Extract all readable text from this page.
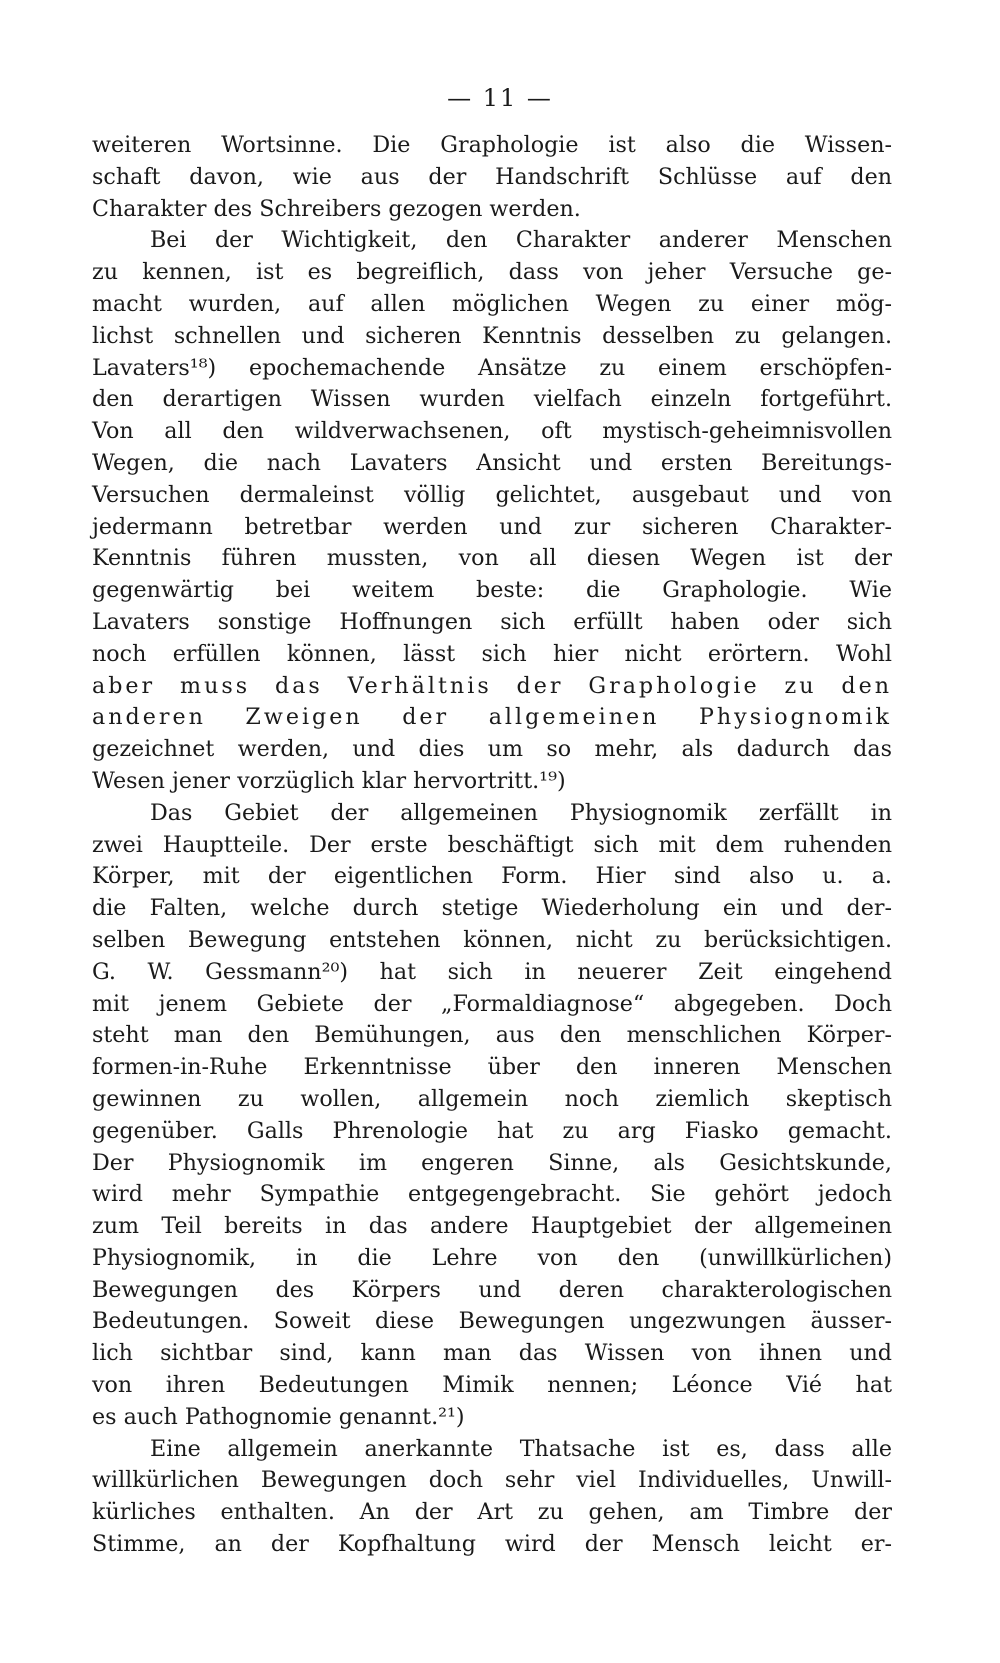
— 11 —
weiteren Wortsinne. Die Graphologie ist also die Wissen-
schaft davon, wie aus der Handschrift Schlüsse auf den
Charakter des Schreibers gezogen werden.
Bei der Wichtigkeit, den Charakter anderer Menschen
zu kennen, ist es begreiflich, dass von jeher Versuche ge-
macht wurden, auf allen möglichen Wegen zu einer mög-
lichst schnellen und sicheren Kenntnis desselben zu gelangen.
Lavaters¹⁸) epochemachende Ansätze zu einem erschöpfen-
den derartigen Wissen wurden vielfach einzeln fortgeführt.
Von all den wildverwachsenen, oft mystisch-geheimnisvollen
Wegen, die nach Lavaters Ansicht und ersten Bereitungs-
Versuchen dermaleinst völlig gelichtet, ausgebaut und von
jedermann betretbar werden und zur sicheren Charakter-
Kenntnis führen mussten, von all diesen Wegen ist der
gegenwärtig bei weitem beste: die Graphologie. Wie
Lavaters sonstige Hoffnungen sich erfüllt haben oder sich
noch erfüllen können, lässt sich hier nicht erörtern. Wohl
aber muss das Verhältnis der Graphologie zu den
anderen Zweigen der allgemeinen Physiognomik
gezeichnet werden, und dies um so mehr, als dadurch das
Wesen jener vorzüglich klar hervortritt.¹⁹)
Das Gebiet der allgemeinen Physiognomik zerfällt in
zwei Hauptteile. Der erste beschäftigt sich mit dem ruhenden
Körper, mit der eigentlichen Form. Hier sind also u. a.
die Falten, welche durch stetige Wiederholung ein und der-
selben Bewegung entstehen können, nicht zu berücksichtigen.
G. W. Gessmann²⁰) hat sich in neuerer Zeit eingehend
mit jenem Gebiete der „Formaldiagnose“ abgegeben. Doch
steht man den Bemühungen, aus den menschlichen Körper-
formen-in-Ruhe Erkenntnisse über den inneren Menschen
gewinnen zu wollen, allgemein noch ziemlich skeptisch
gegenüber. Galls Phrenologie hat zu arg Fiasko gemacht.
Der Physiognomik im engeren Sinne, als Gesichtskunde,
wird mehr Sympathie entgegengebracht. Sie gehört jedoch
zum Teil bereits in das andere Hauptgebiet der allgemeinen
Physiognomik, in die Lehre von den (unwillkürlichen)
Bewegungen des Körpers und deren charakterologischen
Bedeutungen. Soweit diese Bewegungen ungezwungen äusser-
lich sichtbar sind, kann man das Wissen von ihnen und
von ihren Bedeutungen Mimik nennen; Léonce Vié hat
es auch Pathognomie genannt.²¹)
Eine allgemein anerkannte Thatsache ist es, dass alle
willkürlichen Bewegungen doch sehr viel Individuelles, Unwill-
kürliches enthalten. An der Art zu gehen, am Timbre der
Stimme, an der Kopfhaltung wird der Mensch leicht er-
